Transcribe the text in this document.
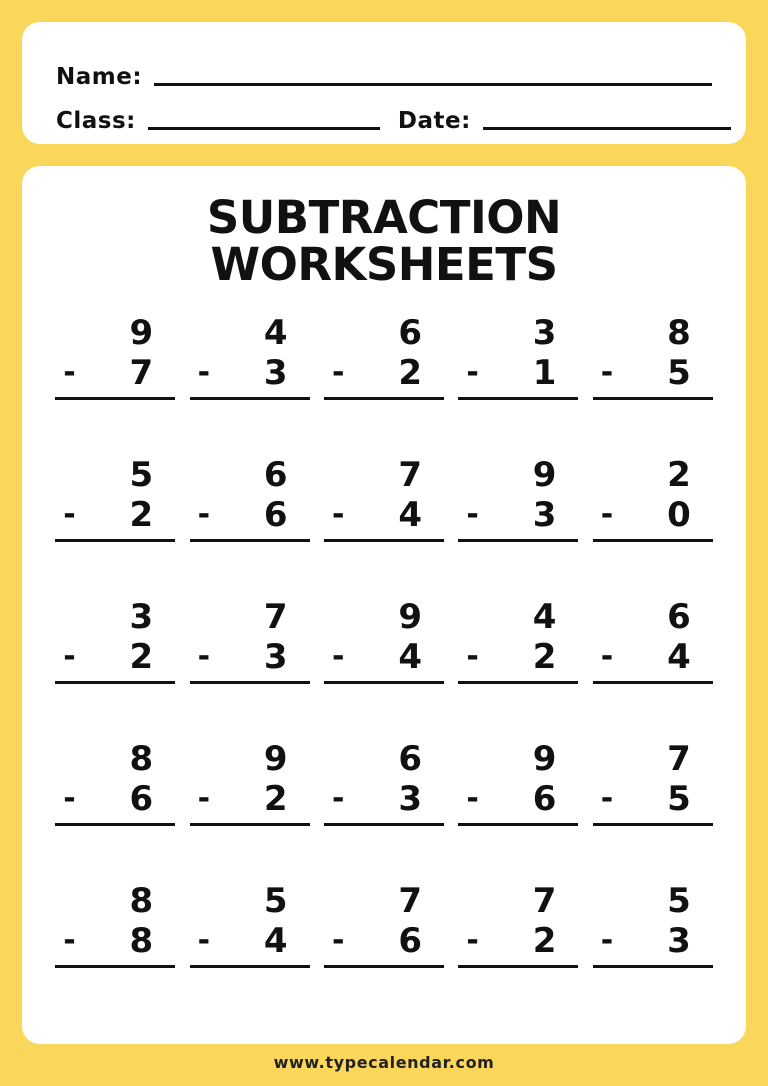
Name:
Class:	Date:
SUBTRACTION WORKSHEETS
9
-	7
4
-	3
6
-	2
3
-	1
8
-	5
5
-	2
6
-	6
7
-	4
9
-	3
2
-	0
3
-	2
7
-	3
9
-	4
4
-	2
6
-	4
8
-	6
9
-	2
6
-	3
9
-	6
7
-	5
8
-	8
5
-	4
7
-	6
7
-	2
5
-	3
www.typecalendar.com
